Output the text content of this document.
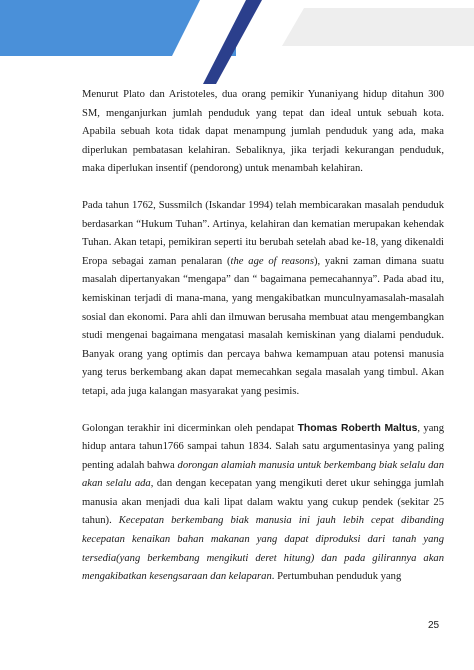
Menurut Plato dan Aristoteles, dua orang pemikir Yunaniyang hidup ditahun 300 SM, menganjurkan jumlah penduduk yang tepat dan ideal untuk sebuah kota. Apabila sebuah kota tidak dapat menampung jumlah penduduk yang ada, maka diperlukan pembatasan kelahiran. Sebaliknya, jika terjadi kekurangan penduduk, maka diperlukan insentif (pendorong) untuk menambah kelahiran.

Pada tahun 1762, Sussmilch (Iskandar 1994) telah membicarakan masalah penduduk berdasarkan “Hukum Tuhan”. Artinya, kelahiran dan kematian merupakan kehendak Tuhan. Akan tetapi, pemikiran seperti itu berubah setelah abad ke-18, yang dikenaldi Eropa sebagai zaman penalaran (the age of reasons), yakni zaman dimana suatu masalah dipertanyakan “mengapa” dan “ bagaimana pemecahannya”. Pada abad itu, kemiskinan terjadi di mana-mana, yang mengakibatkan munculnyamasalah-masalah sosial dan ekonomi. Para ahli dan ilmuwan berusaha membuat atau mengembangkan studi mengenai bagaimana mengatasi masalah kemiskinan yang dialami penduduk. Banyak orang yang optimis dan percaya bahwa kemampuan atau potensi manusia yang terus berkembang akan dapat memecahkan segala masalah yang timbul. Akan tetapi, ada juga kalangan masyarakat yang pesimis.

Golongan terakhir ini dicerminkan oleh pendapat Thomas Roberth Maltus, yang hidup antara tahun1766 sampai tahun 1834. Salah satu argumentasinya yang paling penting adalah bahwa dorongan alamiah manusia untuk berkembang biak selalu dan akan selalu ada, dan dengan kecepatan yang mengikuti deret ukur sehingga jumlah manusia akan menjadi dua kali lipat dalam waktu yang cukup pendek (sekitar 25 tahun). Kecepatan berkembang biak manusia ini jauh lebih cepat dibanding kecepatan kenaikan bahan makanan yang dapat diproduksi dari tanah yang tersedia(yang berkembang mengikuti deret hitung) dan pada gilirannya akan mengakibatkan kesengsaraan dan kelaparan. Pertumbuhan penduduk yang

25
